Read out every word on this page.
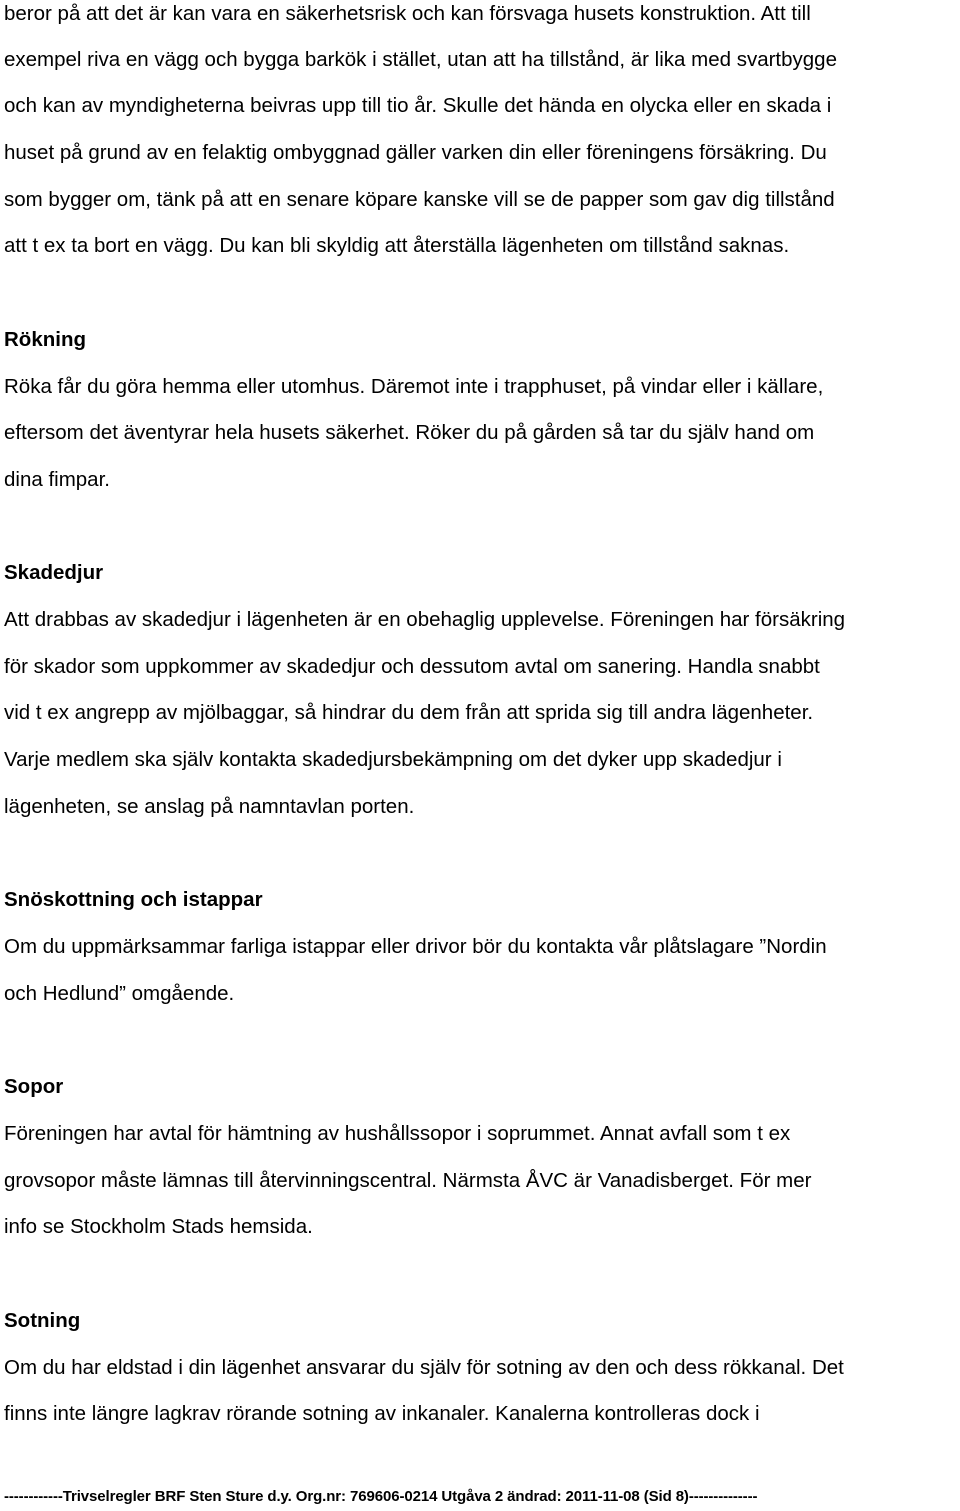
beror på att det är kan vara en säkerhetsrisk och kan försvaga husets konstruktion. Att till
exempel riva en vägg och bygga barkök i stället, utan att ha tillstånd, är lika med svartbygge
och kan av myndigheterna beivras upp till tio år. Skulle det hända en olycka eller en skada i
huset på grund av en felaktig ombyggnad gäller varken din eller föreningens försäkring. Du
som bygger om, tänk på att en senare köpare kanske vill se de papper som gav dig tillstånd
att t ex ta bort en vägg. Du kan bli skyldig att återställa lägenheten om tillstånd saknas.
Rökning
Röka får du göra hemma eller utomhus. Däremot inte i trapphuset, på vindar eller i källare,
eftersom det äventyrar hela husets säkerhet. Röker du på gården så tar du själv hand om
dina fimpar.
Skadedjur
Att drabbas av skadedjur i lägenheten är en obehaglig upplevelse. Föreningen har försäkring
för skador som uppkommer av skadedjur och dessutom avtal om sanering. Handla snabbt
vid t ex angrepp av mjölbaggar, så hindrar du dem från att sprida sig till andra lägenheter.
Varje medlem ska själv kontakta skadedjursbekämpning om det dyker upp skadedjur i
lägenheten, se anslag på namntavlan porten.
Snöskottning och istappar
Om du uppmärksammar farliga istappar eller drivor bör du kontakta vår plåtslagare ”Nordin
och Hedlund” omgående.
Sopor
Föreningen har avtal för hämtning av hushållssopor i soprummet. Annat avfall som t ex
grovsopor måste lämnas till återvinningscentral. Närmsta ÅVC är Vanadisberget. För mer
info se Stockholm Stads hemsida.
Sotning
Om du har eldstad i din lägenhet ansvarar du själv för sotning av den och dess rökkanal. Det
finns inte längre lagkrav rörande sotning av inkanaler. Kanalerna kontrolleras dock i
------------Trivselregler BRF Sten Sture d.y. Org.nr: 769606-0214 Utgåva 2 ändrad: 2011-11-08 (Sid 8)--------------
